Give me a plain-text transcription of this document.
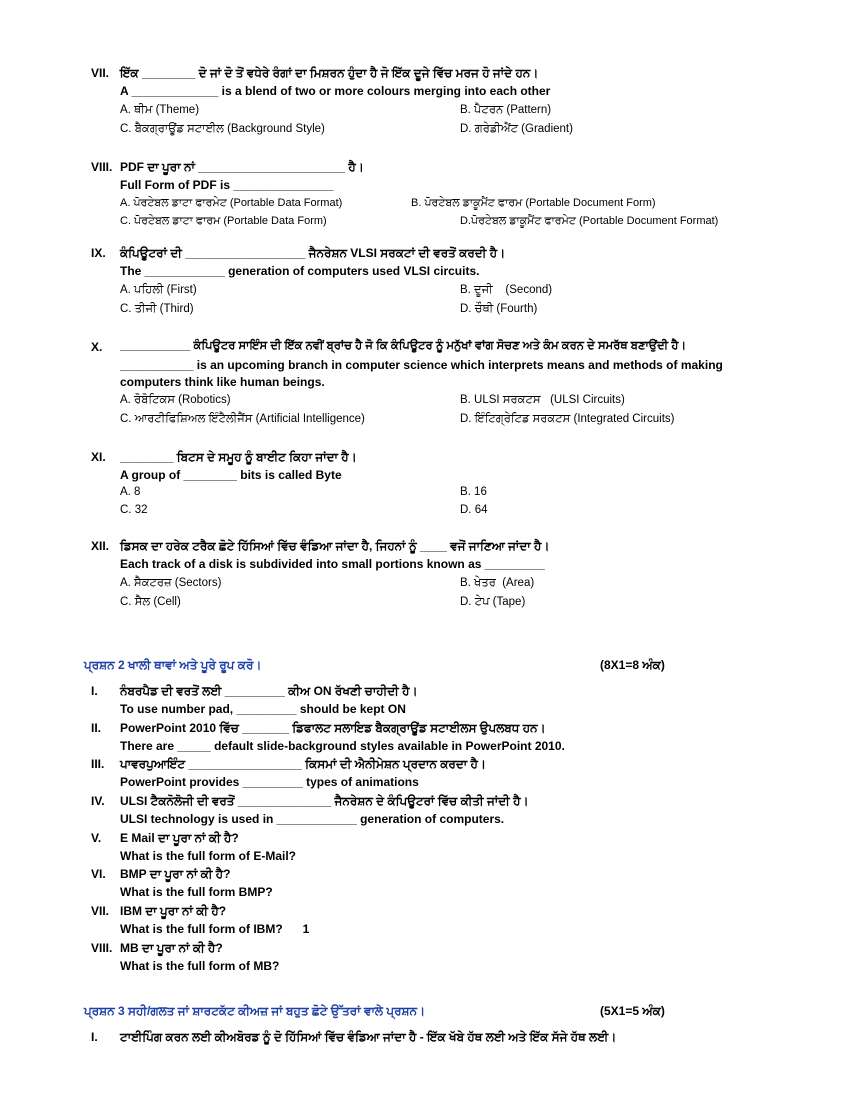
VII. ਇੱਕ ________ ਦੋ ਜਾਂ ਦੋ ਤੋਂ ਵਧੇਰੇ ਰੰਗਾਂ ਦਾ ਮਿਸ਼ਰਨ ਹੁੰਦਾ ਹੈ ਜੋ ਇੱਕ ਦੂਜੇ ਵਿੱਚ ਮਰਜ ਹੋ ਜਾਂਦੇ ਹਨ।
A _____________ is a blend of two or more colours merging into each other
A. ਥੀਮ (Theme)	B. ਪੈਟਰਨ (Pattern)
C. ਬੈਕਗ੍ਰਾਊਂਡ ਸਟਾਈਲ (Background Style)	D. ਗਰੇਡੀਐਂਟ (Gradient)
VIII. PDF ਦਾ ਪੂਰਾ ਨਾਂ ______________________ ਹੈ।
Full Form of PDF is _______________
A. ਪੋਰਟੇਬਲ ਡਾਟਾ ਫਾਰਮੇਟ (Portable Data Format)	B. ਪੋਰਟੇਬਲ ਡਾਕੂਮੈਂਟ ਫਾਰਮ (Portable Document Form)
C. ਪੋਰਟੇਬਲ ਡਾਟਾ ਫਾਰਮ (Portable Data Form)	D.ਪੋਰਟੇਬਲ ਡਾਕੂਮੈਂਟ ਫਾਰਮੇਟ (Portable Document Format)
IX. ਕੰਪਿਊਟਰਾਂ ਦੀ __________________ ਜੈਨਰੇਸ਼ਨ VLSI ਸਰਕਟਾਂ ਦੀ ਵਰਤੋਂ ਕਰਦੀ ਹੈ।
The ____________ generation of computers used VLSI circuits.
A. ਪਹਿਲੀ (First)	B. ਦੂਜੀ    (Second)
C. ਤੀਜੀ (Third)	D. ਚੌਥੀ (Fourth)
X. ___________ ਕੰਪਿਊਟਰ ਸਾਇੰਸ ਦੀ ਇੱਕ ਨਵੀਂ ਬ੍ਰਾਂਚ ਹੈ ਜੋ ਕਿ ਕੰਪਿਊਟਰ ਨੂੰ ਮਨੁੱਖਾਂ ਵਾਂਗ ਸੋਚਣ ਅਤੇ ਕੰਮ ਕਰਨ ਦੇ ਸਮਰੱਥ ਬਣਾਉਂਦੀ ਹੈ।
___________ is an upcoming branch in computer science which interprets means and methods of making computers think like human beings.
A. ਰੋਬੋਟਿਕਸ (Robotics)	B. ULSI ਸਰਕਟਸ   (ULSI Circuits)
C. ਆਰਟੀਫਿਸ਼ਿਅਲ ਇੰਟੈਲੀਜੈਂਸ (Artificial Intelligence)	D. ਇੰਟਿਗ੍ਰੇਟਿਡ ਸਰਕਟਸ (Integrated Circuits)
XI. ________ ਬਿਟਸ ਦੇ ਸਮੂਹ ਨੂੰ ਬਾਈਟ ਕਿਹਾ ਜਾਂਦਾ ਹੈ।
A group of ________ bits is called Byte
A. 8	B. 16
C. 32	D. 64
XII. ਡਿਸਕ ਦਾ ਹਰੇਕ ਟਰੈਕ ਛੋਟੇ ਹਿੱਸਿਆਂ ਵਿੱਚ ਵੰਡਿਆ ਜਾਂਦਾ ਹੈ, ਜਿਹਨਾਂ ਨੂੰ ____ ਵਜੋਂ ਜਾਣਿਆ ਜਾਂਦਾ ਹੈ।
Each track of a disk is subdivided into small portions known as _________
A. ਸੈਕਟਰਜ਼ (Sectors)	B. ਖੇਤਰ  (Area)
C. ਸੈਲ (Cell)	D. ਟੇਪ (Tape)
ਪ੍ਰਸ਼ਨ 2 ਖਾਲੀ ਥਾਵਾਂ ਅਤੇ ਪੂਰੇ ਰੂਪ ਕਰੋ।	(8X1=8 ਅੰਕ)
I. ਨੰਬਰਪੈਡ ਦੀ ਵਰਤੋਂ ਲਈ _________ ਕੀਅ ON ਰੱਖਣੀ ਚਾਹੀਦੀ ਹੈ।
To use number pad, _________ should be kept ON
II. PowerPoint 2010 ਵਿੱਚ _______ ਡਿਫਾਲਟ ਸਲਾਇਡ ਬੈਕਗ੍ਰਾਊਂਡ ਸਟਾਈਲਸ ਉਪਲਬਧ ਹਨ।
There are _____ default slide-background styles available in PowerPoint 2010.
III. ਪਾਵਰਪੁਆਇੰਟ _________________ ਕਿਸਮਾਂ ਦੀ ਐਨੀਮੇਸ਼ਨ ਪ੍ਰਦਾਨ ਕਰਦਾ ਹੈ।
PowerPoint provides _________ types of animations
IV. ULSI ਟੈਕਨੋਲੋਜੀ ਦੀ ਵਰਤੋਂ ______________ ਜੈਨਰੇਸ਼ਨ ਦੇ ਕੰਪਿਊਟਰਾਂ ਵਿੱਚ ਕੀਤੀ ਜਾਂਦੀ ਹੈ।
ULSI technology is used in ____________ generation of computers.
V. E Mail ਦਾ ਪੂਰਾ ਨਾਂ ਕੀ ਹੈ?
What is the full form of E-Mail?
VI. BMP ਦਾ ਪੂਰਾ ਨਾਂ ਕੀ ਹੈ?
What is the full form BMP?
VII. IBM ਦਾ ਪੂਰਾ ਨਾਂ ਕੀ ਹੈ?
What is the full form of IBM?      1
VIII. MB ਦਾ ਪੂਰਾ ਨਾਂ ਕੀ ਹੈ?
What is the full form of MB?
ਪ੍ਰਸ਼ਨ 3 ਸਹੀ/ਗਲਤ ਜਾਂ ਸ਼ਾਰਟਕੱਟ ਕੀਅਜ਼ ਜਾਂ ਬਹੁਤ ਛੋਟੇ ਉੱਤਰਾਂ ਵਾਲੇ ਪ੍ਰਸ਼ਨ।	(5X1=5 ਅੰਕ)
I. ਟਾਈਪਿੰਗ ਕਰਨ ਲਈ ਕੀਅਬੋਰਡ ਨੂੰ ਦੋ ਹਿੱਸਿਆਂ ਵਿੱਚ ਵੰਡਿਆ ਜਾਂਦਾ ਹੈ - ਇੱਕ ਖੱਬੇ ਹੱਥ ਲਈ ਅਤੇ ਇੱਕ ਸੱਜੇ ਹੱਥ ਲਈ।
